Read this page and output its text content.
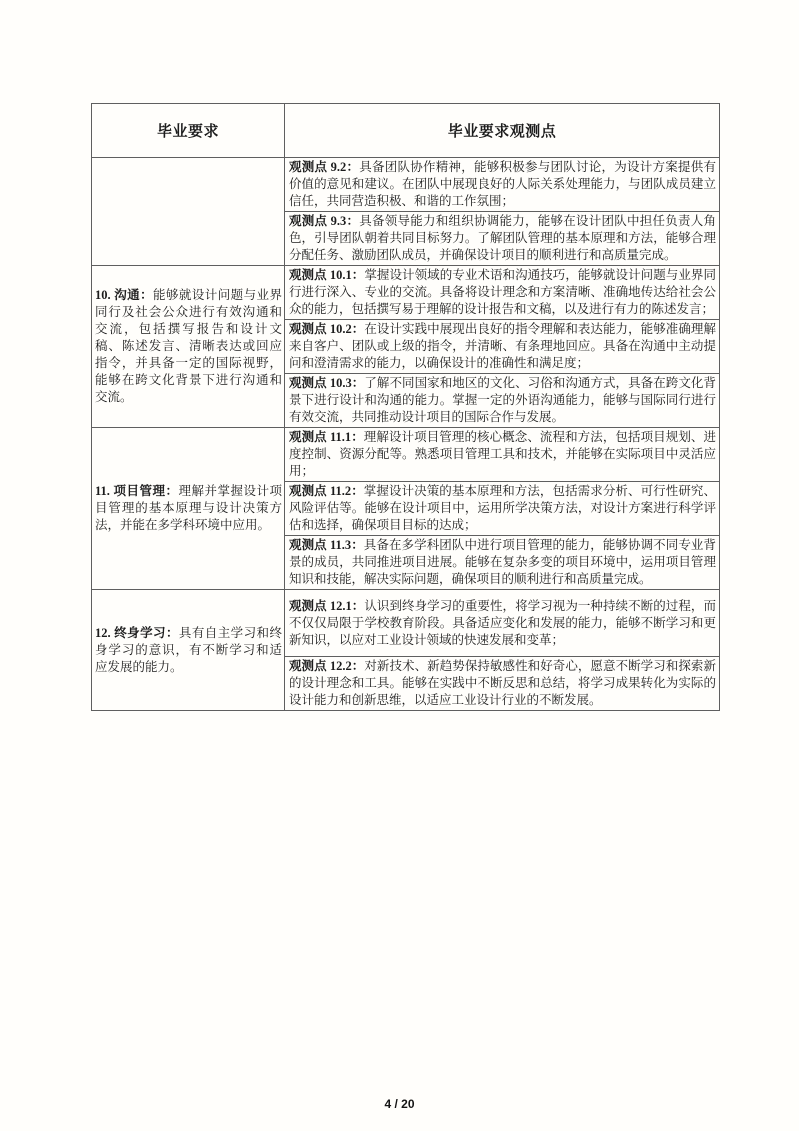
毕业要求	毕业要求观测点
	观测点 9.2：具备团队协作精神，能够积极参与团队讨论，为设计方案提供有价值的意见和建议。在团队中展现良好的人际关系处理能力，与团队成员建立信任，共同营造积极、和谐的工作氛围；
	观测点 9.3：具备领导能力和组织协调能力，能够在设计团队中担任负责人角色，引导团队朝着共同目标努力。了解团队管理的基本原理和方法，能够合理分配任务、激励团队成员，并确保设计项目的顺利进行和高质量完成。
10. 沟通：能够就设计问题与业界同行及社会公众进行有效沟通和交流，包括撰写报告和设计文稿、陈述发言、清晰表达或回应指令，并具备一定的国际视野，能够在跨文化背景下进行沟通和交流。	观测点 10.1：掌握设计领域的专业术语和沟通技巧，能够就设计问题与业界同行进行深入、专业的交流。具备将设计理念和方案清晰、准确地传达给社会公众的能力，包括撰写易于理解的设计报告和文稿，以及进行有力的陈述发言；
	观测点 10.2：在设计实践中展现出良好的指令理解和表达能力，能够准确理解来自客户、团队或上级的指令，并清晰、有条理地回应。具备在沟通中主动提问和澄清需求的能力，以确保设计的准确性和满足度；
	观测点 10.3：了解不同国家和地区的文化、习俗和沟通方式，具备在跨文化背景下进行设计和沟通的能力。掌握一定的外语沟通能力，能够与国际同行进行有效交流，共同推动设计项目的国际合作与发展。
11. 项目管理：理解并掌握设计项目管理的基本原理与设计决策方法，并能在多学科环境中应用。	观测点 11.1：理解设计项目管理的核心概念、流程和方法，包括项目规划、进度控制、资源分配等。熟悉项目管理工具和技术，并能够在实际项目中灵活应用；
	观测点 11.2：掌握设计决策的基本原理和方法，包括需求分析、可行性研究、风险评估等。能够在设计项目中，运用所学决策方法，对设计方案进行科学评估和选择，确保项目目标的达成；
	观测点 11.3：具备在多学科团队中进行项目管理的能力，能够协调不同专业背景的成员，共同推进项目进展。能够在复杂多变的项目环境中，运用项目管理知识和技能，解决实际问题，确保项目的顺利进行和高质量完成。
12. 终身学习：具有自主学习和终身学习的意识，有不断学习和适应发展的能力。	观测点 12.1：认识到终身学习的重要性，将学习视为一种持续不断的过程，而不仅仅局限于学校教育阶段。具备适应变化和发展的能力，能够不断学习和更新知识，以应对工业设计领域的快速发展和变革；
	观测点 12.2：对新技术、新趋势保持敏感性和好奇心，愿意不断学习和探索新的设计理念和工具。能够在实践中不断反思和总结，将学习成果转化为实际的设计能力和创新思维，以适应工业设计行业的不断发展。
4 / 20
